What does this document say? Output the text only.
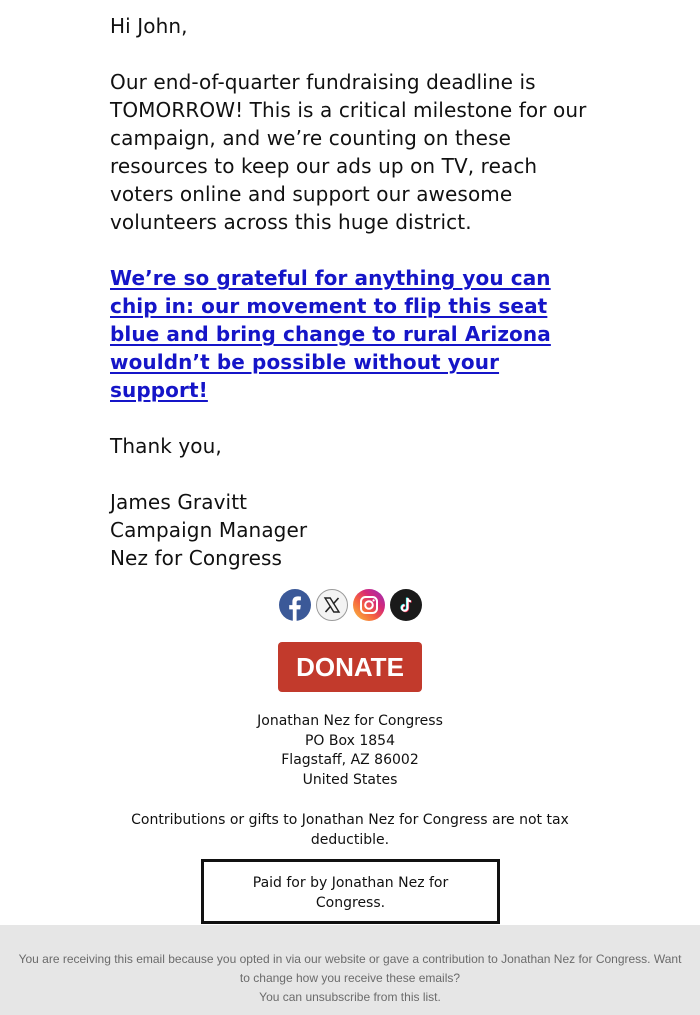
Hi John,

Our end-of-quarter fundraising deadline is TOMORROW! This is a critical milestone for our campaign, and we’re counting on these resources to keep our ads up on TV, reach voters online and support our awesome volunteers across this huge district.

We’re so grateful for anything you can chip in: our movement to flip this seat blue and bring change to rural Arizona wouldn’t be possible without your support!

Thank you,

James Gravitt

Campaign Manager

Nez for Congress

DONATE
Jonathan Nez for Congress
PO Box 1854
Flagstaff, AZ 86002
United States
Contributions or gifts to Jonathan Nez for Congress are not tax deductible.
Paid for by Jonathan Nez for Congress.
You are receiving this email because you opted in via our website or gave a contribution to Jonathan Nez for Congress. Want to change how you receive these emails?
You can unsubscribe from this list.
